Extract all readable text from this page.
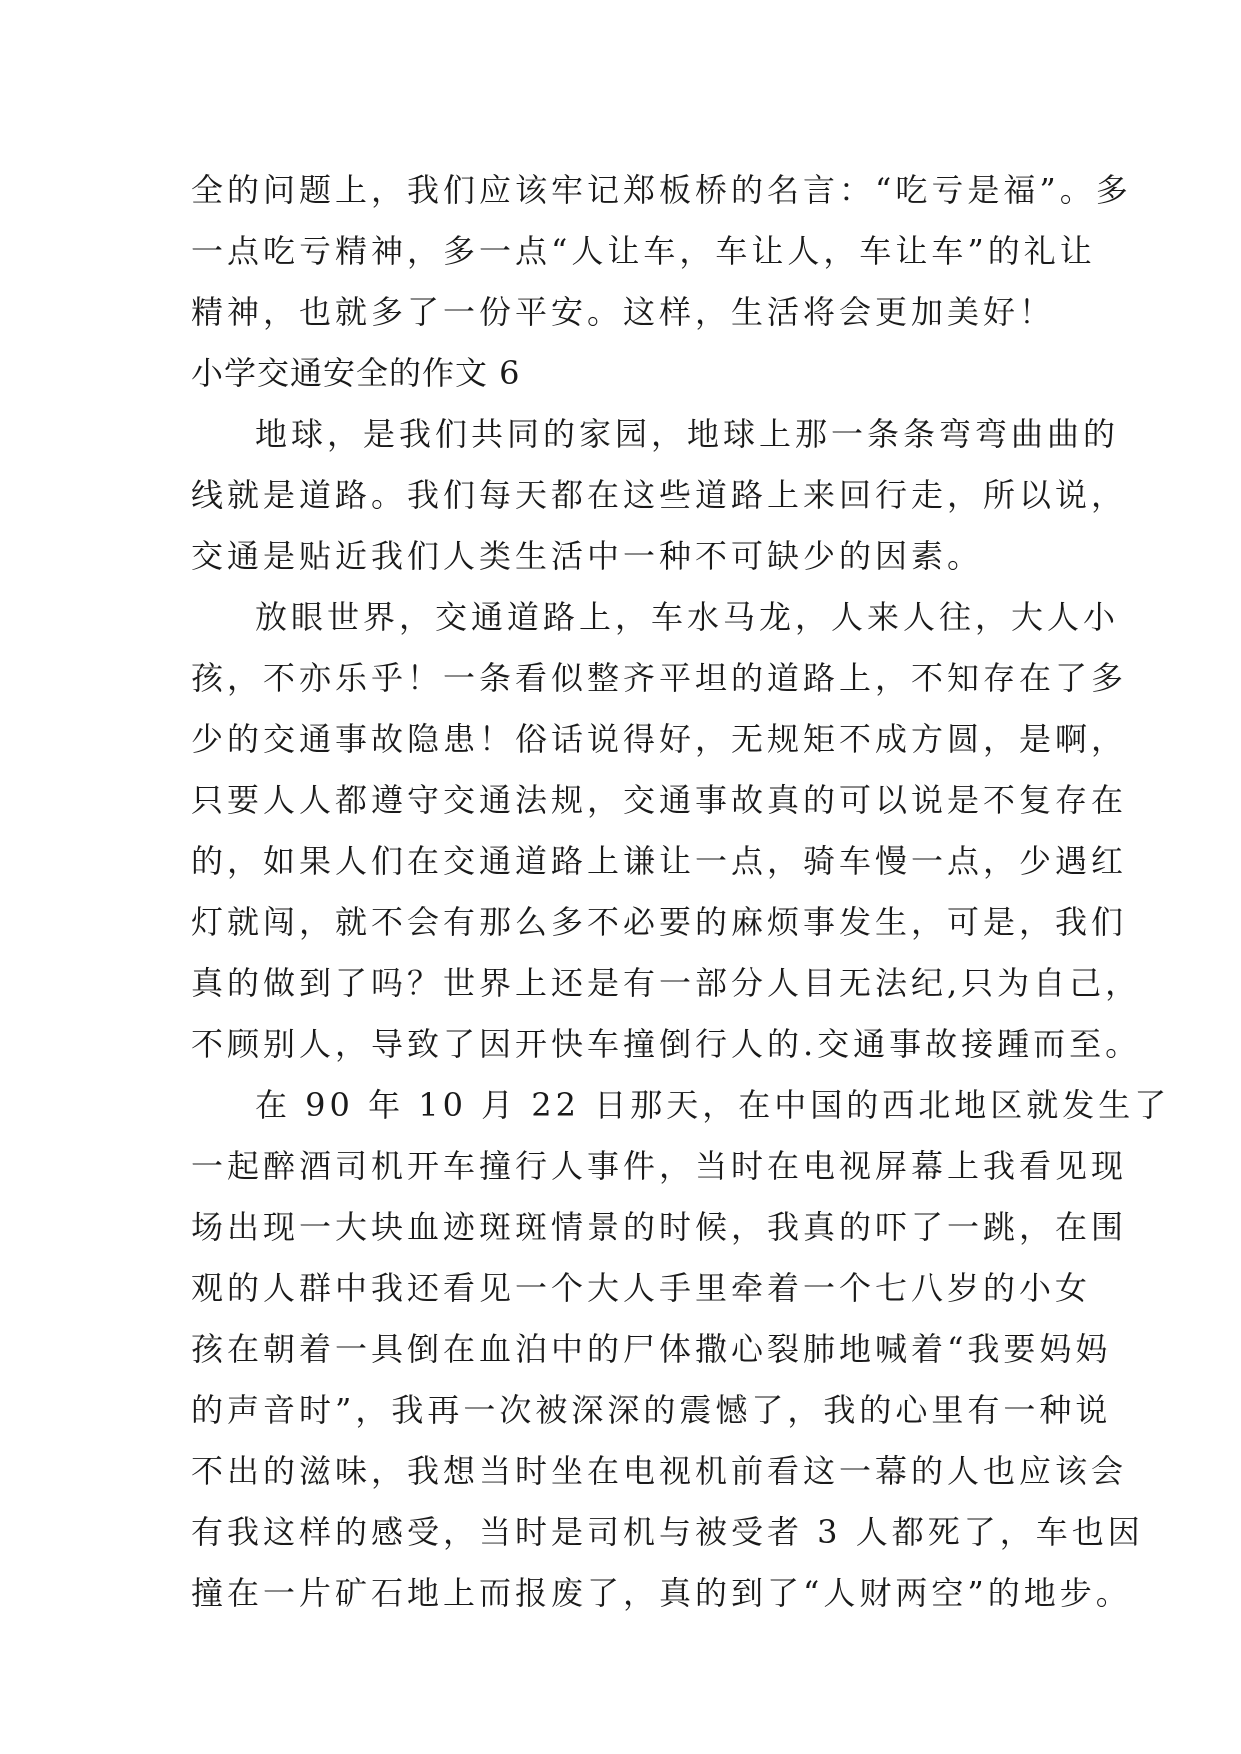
全的问题上，我们应该牢记郑板桥的名言：“吃亏是福”。多
一点吃亏精神，多一点“人让车，车让人，车让车”的礼让
精神，也就多了一份平安。这样，生活将会更加美好！
小学交通安全的作文 6
地球，是我们共同的家园，地球上那一条条弯弯曲曲的
线就是道路。我们每天都在这些道路上来回行走，所以说，
交通是贴近我们人类生活中一种不可缺少的因素。
放眼世界，交通道路上，车水马龙，人来人往，大人小
孩，不亦乐乎！一条看似整齐平坦的道路上，不知存在了多
少的交通事故隐患！俗话说得好，无规矩不成方圆，是啊，
只要人人都遵守交通法规，交通事故真的可以说是不复存在
的，如果人们在交通道路上谦让一点，骑车慢一点，少遇红
灯就闯，就不会有那么多不必要的麻烦事发生，可是，我们
真的做到了吗？世界上还是有一部分人目无法纪,只为自己，
不顾别人，导致了因开快车撞倒行人的.交通事故接踵而至。
在 90 年 10 月 22 日那天，在中国的西北地区就发生了
一起醉酒司机开车撞行人事件，当时在电视屏幕上我看见现
场出现一大块血迹斑斑情景的时候，我真的吓了一跳，在围
观的人群中我还看见一个大人手里牵着一个七八岁的小女
孩在朝着一具倒在血泊中的尸体撒心裂肺地喊着“我要妈妈
的声音时”，我再一次被深深的震憾了，我的心里有一种说
不出的滋味，我想当时坐在电视机前看这一幕的人也应该会
有我这样的感受，当时是司机与被受者 3 人都死了，车也因
撞在一片矿石地上而报废了，真的到了“人财两空”的地步。
